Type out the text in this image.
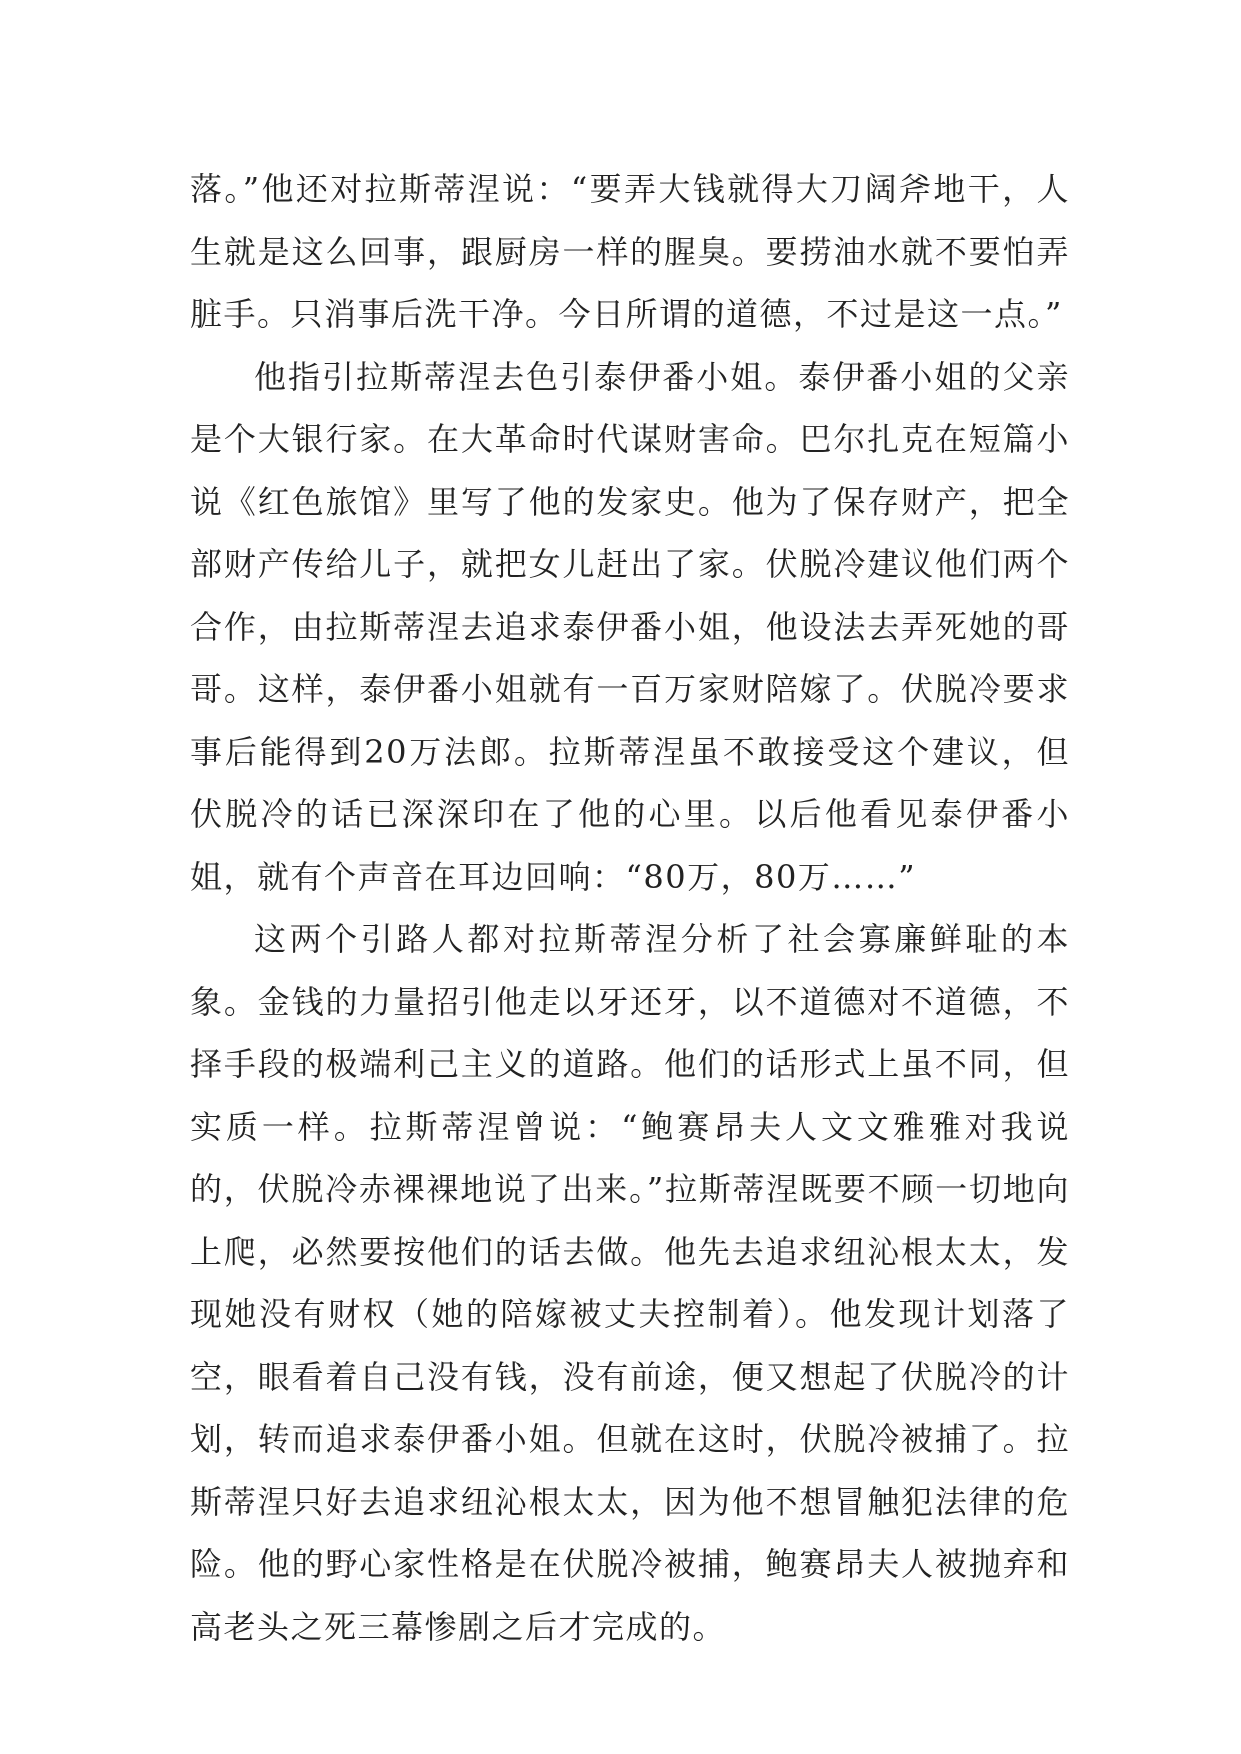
落。”他还对拉斯蒂涅说：“要弄大钱就得大刀阔斧地干，人生就是这么回事，跟厨房一样的腥臭。要捞油水就不要怕弄脏手。只消事后洗干净。今日所谓的道德，不过是这一点。”

他指引拉斯蒂涅去色引泰伊番小姐。泰伊番小姐的父亲是个大银行家。在大革命时代谋财害命。巴尔扎克在短篇小说《红色旅馆》里写了他的发家史。他为了保存财产，把全部财产传给儿子，就把女儿赶出了家。伏脱冷建议他们两个合作，由拉斯蒂涅去追求泰伊番小姐，他设法去弄死她的哥哥。这样，泰伊番小姐就有一百万家财陪嫁了。伏脱冷要求事后能得到20万法郎。拉斯蒂涅虽不敢接受这个建议，但伏脱冷的话已深深印在了他的心里。以后他看见泰伊番小姐，就有个声音在耳边回响：“80万，80万……”

这两个引路人都对拉斯蒂涅分析了社会寡廉鲜耻的本象。金钱的力量招引他走以牙还牙，以不道德对不道德，不择手段的极端利己主义的道路。他们的话形式上虽不同，但实质一样。拉斯蒂涅曾说：“鲍赛昂夫人文文雅雅对我说的，伏脱冷赤裸裸地说了出来。”拉斯蒂涅既要不顾一切地向上爬，必然要按他们的话去做。他先去追求纽沁根太太，发现她没有财权（她的陪嫁被丈夫控制着）。他发现计划落了空，眼看着自己没有钱，没有前途，便又想起了伏脱冷的计划，转而追求泰伊番小姐。但就在这时，伏脱冷被捕了。拉斯蒂涅只好去追求纽沁根太太，因为他不想冒触犯法律的危险。他的野心家性格是在伏脱冷被捕，鲍赛昂夫人被抛弃和高老头之死三幕惨剧之后才完成的。
